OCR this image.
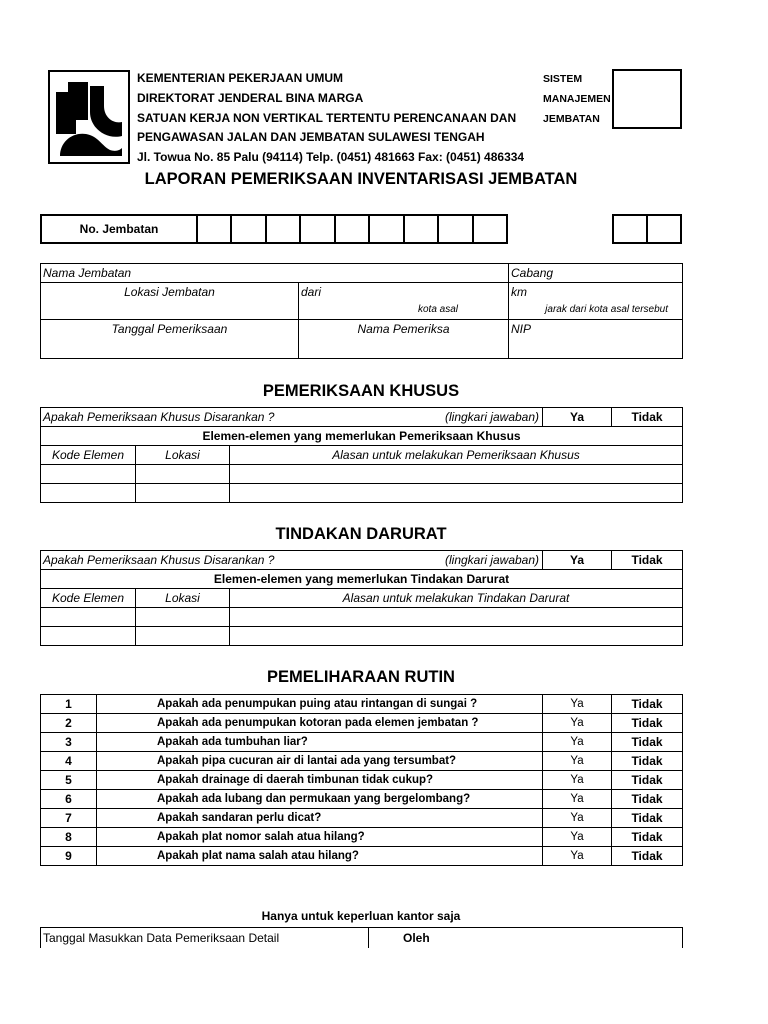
KEMENTERIAN PEKERJAAN UMUM
DIREKTORAT JENDERAL BINA MARGA
SATUAN KERJA NON VERTIKAL TERTENTU PERENCANAAN DAN
PENGAWASAN JALAN DAN JEMBATAN SULAWESI TENGAH
Jl. Towua No. 85 Palu (94114) Telp. (0451) 481663 Fax: (0451) 486334
SISTEM
MANAJEMEN
JEMBATAN
LAPORAN PEMERIKSAAN INVENTARISASI JEMBATAN
No. Jembatan									

Nama Jembatan		Cabang
Lokasi Jembatan	dari	km
	kota asal	jarak dari kota asal tersebut
Tanggal Pemeriksaan	Nama Pemeriksa	NIP
PEMERIKSAAN KHUSUS
Apakah Pemeriksaan Khusus Disarankan ? (lingkari jawaban)			Ya	Tidak
Elemen-elemen yang memerlukan Pemeriksaan Khusus				
Kode Elemen	Lokasi	Alasan untuk melakukan Pemeriksaan Khusus		

TINDAKAN DARURAT
Apakah Pemeriksaan Khusus Disarankan ? (lingkari jawaban)			Ya	Tidak
Elemen-elemen yang memerlukan Tindakan Darurat				
Kode Elemen	Lokasi	Alasan untuk melakukan Tindakan Darurat		

PEMELIHARAAN RUTIN
1	Apakah ada penumpukan puing atau rintangan di sungai ?	Ya	Tidak
2	Apakah ada penumpukan kotoran pada elemen jembatan ?	Ya	Tidak
3	Apakah ada tumbuhan liar?	Ya	Tidak
4	Apakah pipa cucuran air di lantai ada yang tersumbat?	Ya	Tidak
5	Apakah drainage di daerah timbunan tidak cukup?	Ya	Tidak
6	Apakah ada lubang dan permukaan yang bergelombang?	Ya	Tidak
7	Apakah sandaran perlu dicat?	Ya	Tidak
8	Apakah plat nomor salah atua hilang?	Ya	Tidak
9	Apakah plat nama salah atau hilang?	Ya	Tidak
Hanya untuk keperluan kantor saja
Tanggal Masukkan Data Pemeriksaan Detail	Oleh
